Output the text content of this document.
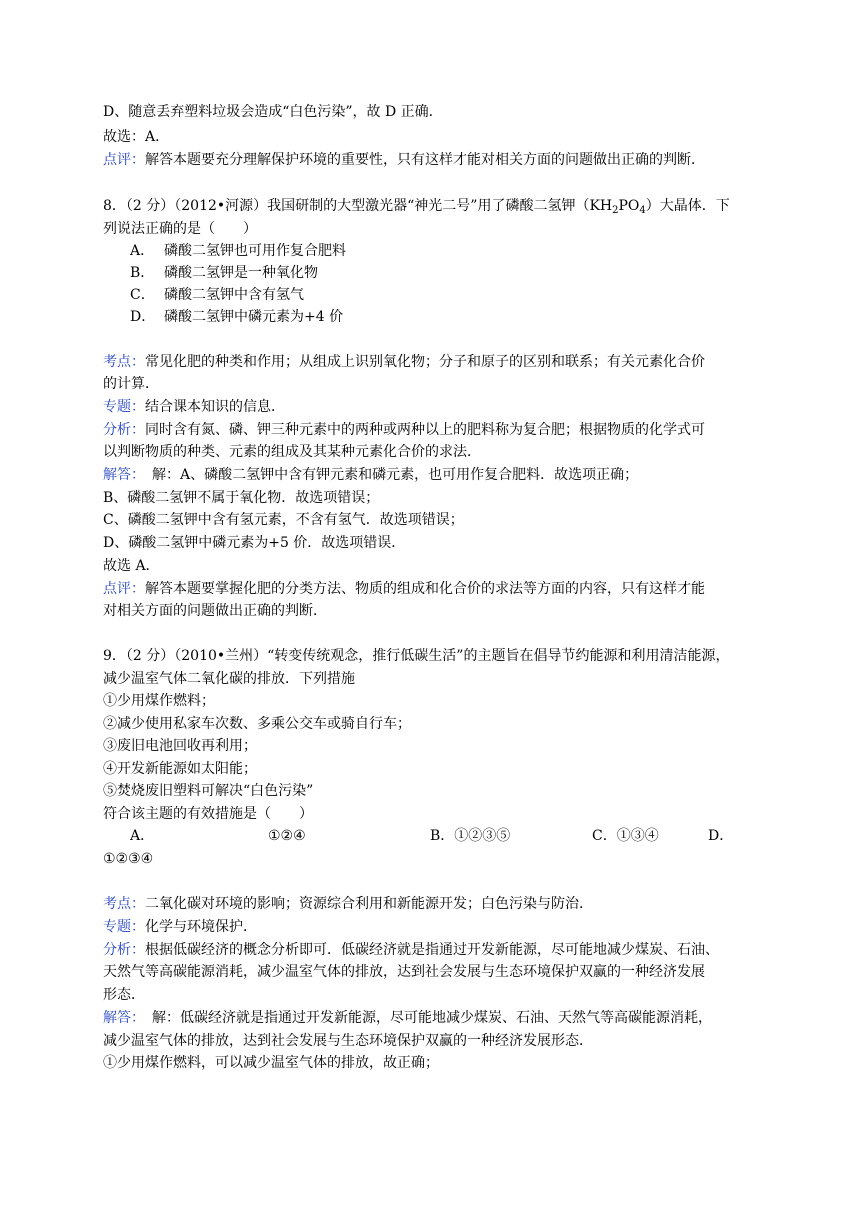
D、随意丢弃塑料垃圾会造成“白色污染”，故 D 正确．
故选：A．
点评：解答本题要充分理解保护环境的重要性，只有这样才能对相关方面的问题做出正确的判断．
8．（2 分）（2012•河源）我国研制的大型激光器“神光二号”用了磷酸二氢钾$(KH_2PO_4)$大晶体．下
列说法正确的是（　　）
A． 磷酸二氢钾也可用作复合肥料
B． 磷酸二氢钾是一种氧化物
C． 磷酸二氢钾中含有氢气
D． 磷酸二氢钾中磷元素为+4 价
考点：常见化肥的种类和作用；从组成上识别氧化物；分子和原子的区别和联系；有关元素化合价
的计算．
专题：结合课本知识的信息．
分析：同时含有氮、磷、钾三种元素中的两种或两种以上的肥料称为复合肥；根据物质的化学式可
以判断物质的种类、元素的组成及其某种元素化合价的求法．
解答：　解：A、磷酸二氢钾中含有钾元素和磷元素，也可用作复合肥料．故选项正确；
B、磷酸二氢钾不属于氧化物．故选项错误；
C、磷酸二氢钾中含有氢元素，不含有氢气．故选项错误；
D、磷酸二氢钾中磷元素为+5 价．故选项错误．
故选 A．
点评：解答本题要掌握化肥的分类方法、物质的组成和化合价的求法等方面的内容，只有这样才能
对相关方面的问题做出正确的判断．
9．（2 分）（2010•兰州）“转变传统观念，推行低碳生活”的主题旨在倡导节约能源和利用清洁能源，
减少温室气体二氧化碳的排放．下列措施
①少用煤作燃料；
②减少使用私家车次数、多乘公交车或骑自行车；
③废旧电池回收再利用；
④开发新能源如太阳能；
⑤焚烧废旧塑料可解决“白色污染”
符合该主题的有效措施是（　　）
A．	①②④	B．①②③⑤	C．①③④	D．
①②③④
考点：二氧化碳对环境的影响；资源综合利用和新能源开发；白色污染与防治．
专题：化学与环境保护．
分析：根据低碳经济的概念分析即可．低碳经济就是指通过开发新能源，尽可能地减少煤炭、石油、
天然气等高碳能源消耗，减少温室气体的排放，达到社会发展与生态环境保护双赢的一种经济发展
形态．
解答：　解：低碳经济就是指通过开发新能源，尽可能地减少煤炭、石油、天然气等高碳能源消耗，
减少温室气体的排放，达到社会发展与生态环境保护双赢的一种经济发展形态．
①少用煤作燃料，可以减少温室气体的排放，故正确；
